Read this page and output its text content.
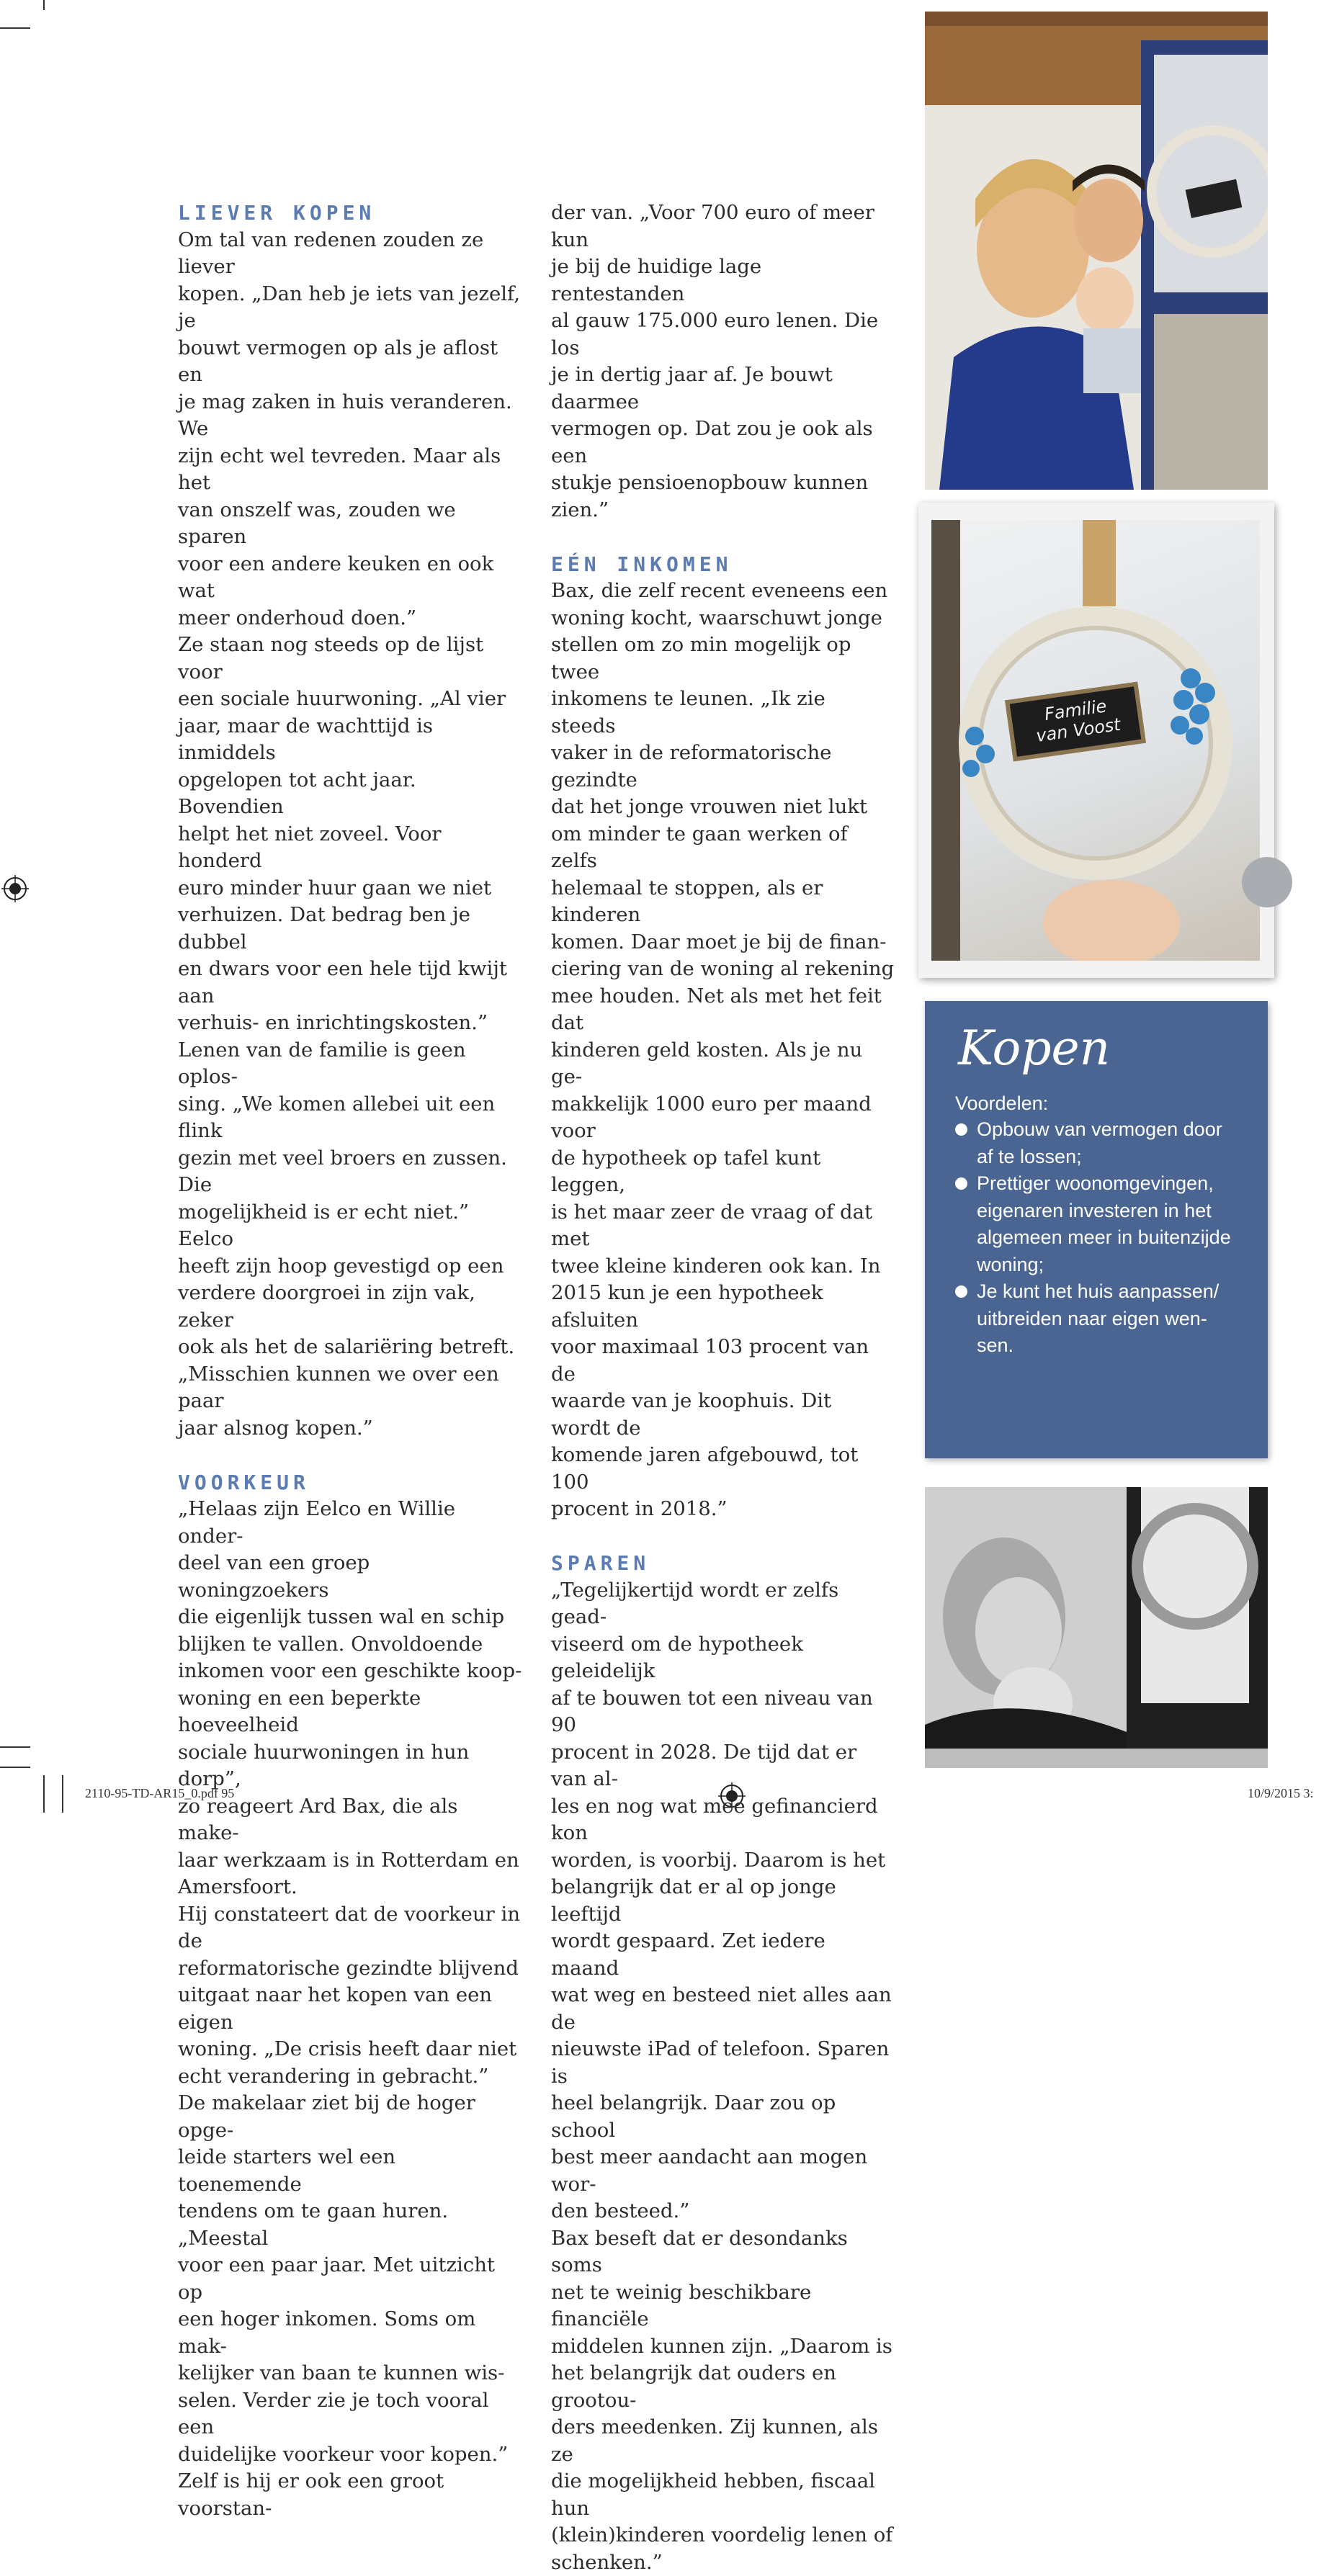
LIEVER KOPEN

Om tal van redenen zouden ze liever
kopen. „Dan heb je iets van jezelf, je
bouwt vermogen op als je aflost en
je mag zaken in huis veranderen. We
zijn echt wel tevreden. Maar als het
van onszelf was, zouden we sparen
voor een andere keuken en ook wat
meer onderhoud doen.”

Ze staan nog steeds op de lijst voor
een sociale huurwoning. „Al vier
jaar, maar de wachttijd is inmiddels
opgelopen tot acht jaar. Bovendien
helpt het niet zoveel. Voor honderd
euro minder huur gaan we niet
verhuizen. Dat bedrag ben je dubbel
en dwars voor een hele tijd kwijt aan
verhuis- en inrichtingskosten.”

Lenen van de familie is geen oplos-
sing. „We komen allebei uit een flink
gezin met veel broers en zussen. Die
mogelijkheid is er echt niet.” Eelco
heeft zijn hoop gevestigd op een
verdere doorgroei in zijn vak, zeker
ook als het de salariëring betreft.
„Misschien kunnen we over een paar
jaar alsnog kopen.”

VOORKEUR

„Helaas zijn Eelco en Willie onder-
deel van een groep woningzoekers
die eigenlijk tussen wal en schip
blijken te vallen. Onvoldoende
inkomen voor een geschikte koop-
woning en een beperkte hoeveelheid
sociale huurwoningen in hun dorp”,
zo reageert Ard Bax, die als make-
laar werkzaam is in Rotterdam en
Amersfoort.

Hij constateert dat de voorkeur in de
reformatorische gezindte blijvend
uitgaat naar het kopen van een eigen
woning. „De crisis heeft daar niet
echt verandering in gebracht.”

De makelaar ziet bij de hoger opge-
leide starters wel een toenemende
tendens om te gaan huren. „Meestal
voor een paar jaar. Met uitzicht op
een hoger inkomen. Soms om mak-
kelijker van baan te kunnen wis-
selen. Verder zie je toch vooral een
duidelijke voorkeur voor kopen.”
Zelf is hij er ook een groot voorstan-

der van. „Voor 700 euro of meer kun
je bij de huidige lage rentestanden
al gauw 175.000 euro lenen. Die los
je in dertig jaar af. Je bouwt daarmee
vermogen op. Dat zou je ook als een
stukje pensioenopbouw kunnen
zien.”

EÉN INKOMEN

Bax, die zelf recent eveneens een
woning kocht, waarschuwt jonge
stellen om zo min mogelijk op twee
inkomens te leunen. „Ik zie steeds
vaker in de reformatorische gezindte
dat het jonge vrouwen niet lukt
om minder te gaan werken of zelfs
helemaal te stoppen, als er kinderen
komen. Daar moet je bij de finan-
ciering van de woning al rekening
mee houden. Net als met het feit dat
kinderen geld kosten. Als je nu ge-
makkelijk 1000 euro per maand voor
de hypotheek op tafel kunt leggen,
is het maar zeer de vraag of dat met
twee kleine kinderen ook kan. In
2015 kun je een hypotheek afsluiten
voor maximaal 103 procent van de
waarde van je koophuis. Dit wordt de
komende jaren afgebouwd, tot 100
procent in 2018.”

SPAREN

„Tegelijkertijd wordt er zelfs gead-
viseerd om de hypotheek geleidelijk
af te bouwen tot een niveau van 90
procent in 2028. De tijd dat er van al-
les en nog wat mee gefinancierd kon
worden, is voorbij. Daarom is het
belangrijk dat er al op jonge leeftijd
wordt gespaard. Zet iedere maand
wat weg en besteed niet alles aan de
nieuwste iPad of telefoon. Sparen is
heel belangrijk. Daar zou op school
best meer aandacht aan mogen wor-
den besteed.”

Bax beseft dat er desondanks soms
net te weinig beschikbare financiële
middelen kunnen zijn. „Daarom is
het belangrijk dat ouders en grootou-
ders meedenken. Zij kunnen, als ze
die mogelijkheid hebben, fiscaal hun
(klein)kinderen voordelig lenen of
schenken.”

Familie
van Voost
Kopen
Voordelen:
Opbouw van vermogen door
af te lossen;
Prettiger woonomgevingen,
eigenaren investeren in het
algemeen meer in buitenzijde
woning;
Je kunt het huis aanpassen/
uitbreiden naar eigen wen-
sen.
2110-95-TD-AR15_0.pdf 95	10/9/2015 3:
